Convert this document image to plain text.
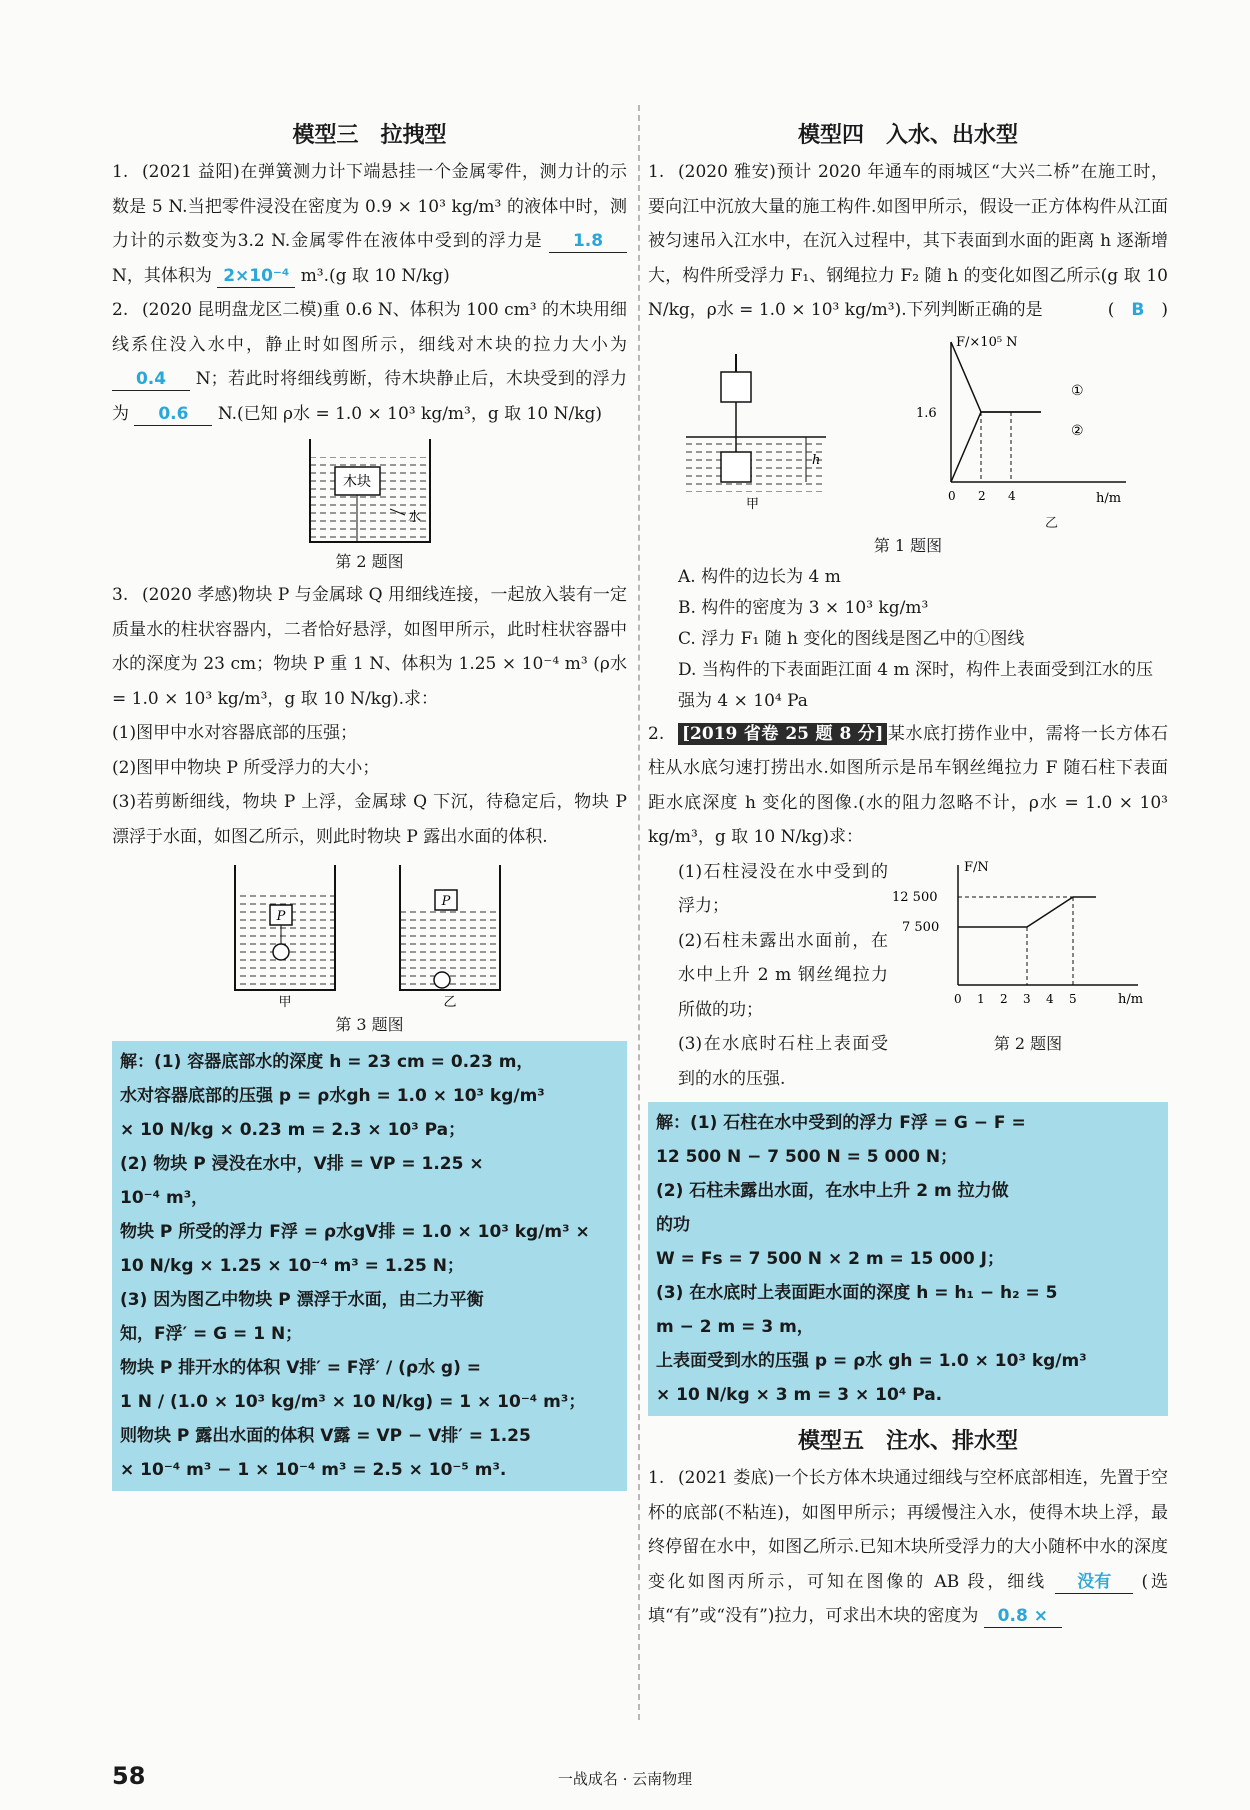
模型三　拉拽型
1. (2021 益阳)在弹簧测力计下端悬挂一个金属零件，测力计的示数是 5 N.当把零件浸没在密度为 0.9 × 10³ kg/m³ 的液体中时，测力计的示数变为3.2 N.金属零件在液体中受到的浮力是 1.8 N，其体积为 2×10⁻⁴ m³.(g 取 10 N/kg)
2. (2020 昆明盘龙区二模)重 0.6 N、体积为 100 cm³ 的木块用细线系住没入水中，静止时如图所示，细线对木块的拉力大小为 0.4 N；若此时将细线剪断，待木块静止后，木块受到的浮力为 0.6 N.(已知 ρ水 = 1.0 × 10³ kg/m³，g 取 10 N/kg)
木块
水
第 2 题图
3. (2020 孝感)物块 P 与金属球 Q 用细线连接，一起放入装有一定质量水的柱状容器内，二者恰好悬浮，如图甲所示，此时柱状容器中水的深度为 23 cm；物块 P 重 1 N、体积为 1.25 × 10⁻⁴ m³ (ρ水 = 1.0 × 10³ kg/m³，g 取 10 N/kg).求：
(1)图甲中水对容器底部的压强；
(2)图甲中物块 P 所受浮力的大小；
(3)若剪断细线，物块 P 上浮，金属球 Q 下沉，待稳定后，物块 P 漂浮于水面，如图乙所示，则此时物块 P 露出水面的体积.
P
甲
P
乙
第 3 题图

解：(1) 容器底部水的深度 h = 23 cm = 0.23 m，

水对容器底部的压强 p = ρ水gh = 1.0 × 10³ kg/m³

× 10 N/kg × 0.23 m = 2.3 × 10³ Pa；

(2) 物块 P 浸没在水中，V排 = VP = 1.25 ×

10⁻⁴ m³，

物块 P 所受的浮力 F浮 = ρ水gV排 = 1.0 × 10³ kg/m³ ×

10 N/kg × 1.25 × 10⁻⁴ m³ = 1.25 N；

(3) 因为图乙中物块 P 漂浮于水面，由二力平衡

知，F浮′ = G = 1 N；

物块 P 排开水的体积 V排′ = F浮′ / (ρ水 g) =

1 N / (1.0 × 10³ kg/m³ × 10 N/kg) = 1 × 10⁻⁴ m³；

则物块 P 露出水面的体积 V露 = VP − V排′ = 1.25

× 10⁻⁴ m³ − 1 × 10⁻⁴ m³ = 2.5 × 10⁻⁵ m³.

模型四　入水、出水型
1. (2020 雅安)预计 2020 年通车的雨城区“大兴二桥”在施工时，要向江中沉放大量的施工构件.如图甲所示，假设一正方体构件从江面被匀速吊入江水中，在沉入过程中，其下表面到水面的距离 h 逐渐增大，构件所受浮力 F₁、钢绳拉力 F₂ 随 h 的变化如图乙所示(g 取 10 N/kg，ρ水 = 1.0 × 10³ kg/m³).下列判断正确的是	(　B　)
h
甲
F/×10⁵ N
h/m
1.6
0 2 4
①
②
乙
第 1 题图
A. 构件的边长为 4 m
B. 构件的密度为 3 × 10³ kg/m³
C. 浮力 F₁ 随 h 变化的图线是图乙中的①图线
D. 当构件的下表面距江面 4 m 深时，构件上表面受到江水的压强为 4 × 10⁴ Pa
2. [2019 省卷 25 题 8 分] 某水底打捞作业中，需将一长方体石柱从水底匀速打捞出水.如图所示是吊车钢丝绳拉力 F 随石柱下表面距水底深度 h 变化的图像.(水的阻力忽略不计，ρ水 = 1.0 × 10³ kg/m³，g 取 10 N/kg)求：
(1)石柱浸没在水中受到的浮力；
(2)石柱未露出水面前，在水中上升 2 m 钢丝绳拉力所做的功；
(3)在水底时石柱上表面受到的水的压强.
F/N
h/m
12 500
7 500
0 1 2 3 4 5
第 2 题图

解：(1) 石柱在水中受到的浮力 F浮 = G − F =

12 500 N − 7 500 N = 5 000 N；

(2) 石柱未露出水面，在水中上升 2 m 拉力做

的功

W = Fs = 7 500 N × 2 m = 15 000 J；

(3) 在水底时上表面距水面的深度 h = h₁ − h₂ = 5

m − 2 m = 3 m，

上表面受到水的压强 p = ρ水 gh = 1.0 × 10³ kg/m³

× 10 N/kg × 3 m = 3 × 10⁴ Pa.

模型五　注水、排水型
1. (2021 娄底)一个长方体木块通过细线与空杯底部相连，先置于空杯的底部(不粘连)，如图甲所示；再缓慢注入水，使得木块上浮，最终停留在水中，如图乙所示.已知木块所受浮力的大小随杯中水的深度变化如图丙所示，可知在图像的 AB 段，细线 没有 (选填“有”或“没有”)拉力，可求出木块的密度为 0.8 ×
58	一战成名 · 云南物理
